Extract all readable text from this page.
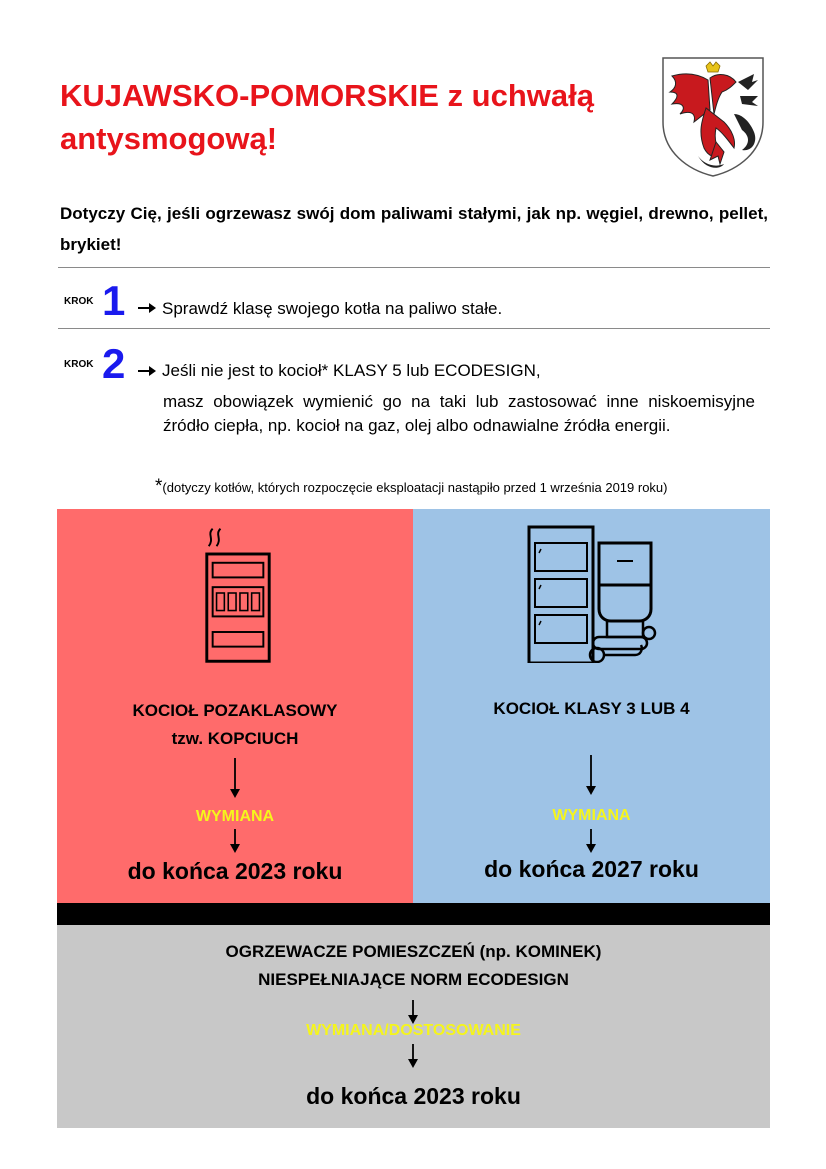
KUJAWSKO-POMORSKIE z uchwałą antysmogową!

Dotyczy Cię, jeśli ogrzewasz swój dom paliwami stałymi, jak np. węgiel, drewno, pellet, brykiet!

KROK 1 Sprawdź klasę swojego kotła na paliwo stałe.
KROK 2 Jeśli nie jest to kocioł* KLASY 5 lub ECODESIGN,

masz obowiązek wymienić go na taki lub zastosować inne niskoemisyjne źródło ciepła, np. kocioł na gaz, olej albo odnawialne źródła energii.

*(dotyczy kotłów, których rozpoczęcie eksploatacji nastąpiło przed 1 września 2019 roku)
KOCIOŁ POZAKLASOWY
tzw. KOPCIUCH
WYMIANA
do końca 2023 roku
KOCIOŁ KLASY 3 LUB 4
WYMIANA
do końca 2027 roku
OGRZEWACZE POMIESZCZEŃ (np. KOMINEK)
NIESPEŁNIAJĄCE NORM ECODESIGN
WYMIANA/DOSTOSOWANIE
do końca 2023 roku
